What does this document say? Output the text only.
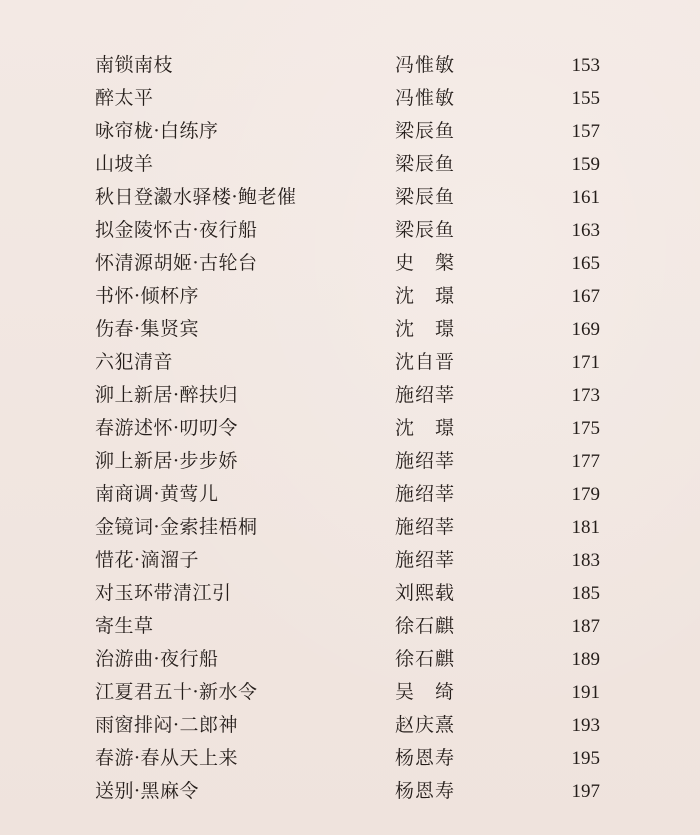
南锁南枝	冯惟敏	153
醉太平	冯惟敏	155
咏帘栊·白练序	梁辰鱼	157
山坡羊	梁辰鱼	159
秋日登瀫水驿楼·鲍老催	梁辰鱼	161
拟金陵怀古·夜行船	梁辰鱼	163
怀清源胡姬·古轮台	史　槃	165
书怀·倾杯序	沈　璟	167
伤春·集贤宾	沈　璟	169
六犯清音	沈自晋	171
泖上新居·醉扶归	施绍莘	173
春游述怀·叨叨令	沈　璟	175
泖上新居·步步娇	施绍莘	177
南商调·黄莺儿	施绍莘	179
金镜词·金索挂梧桐	施绍莘	181
惜花·滴溜子	施绍莘	183
对玉环带清江引	刘熙载	185
寄生草	徐石麒	187
治游曲·夜行船	徐石麒	189
江夏君五十·新水令	吴　绮	191
雨窗排闷·二郎神	赵庆熹	193
春游·春从天上来	杨恩寿	195
送别·黑麻令	杨恩寿	197
